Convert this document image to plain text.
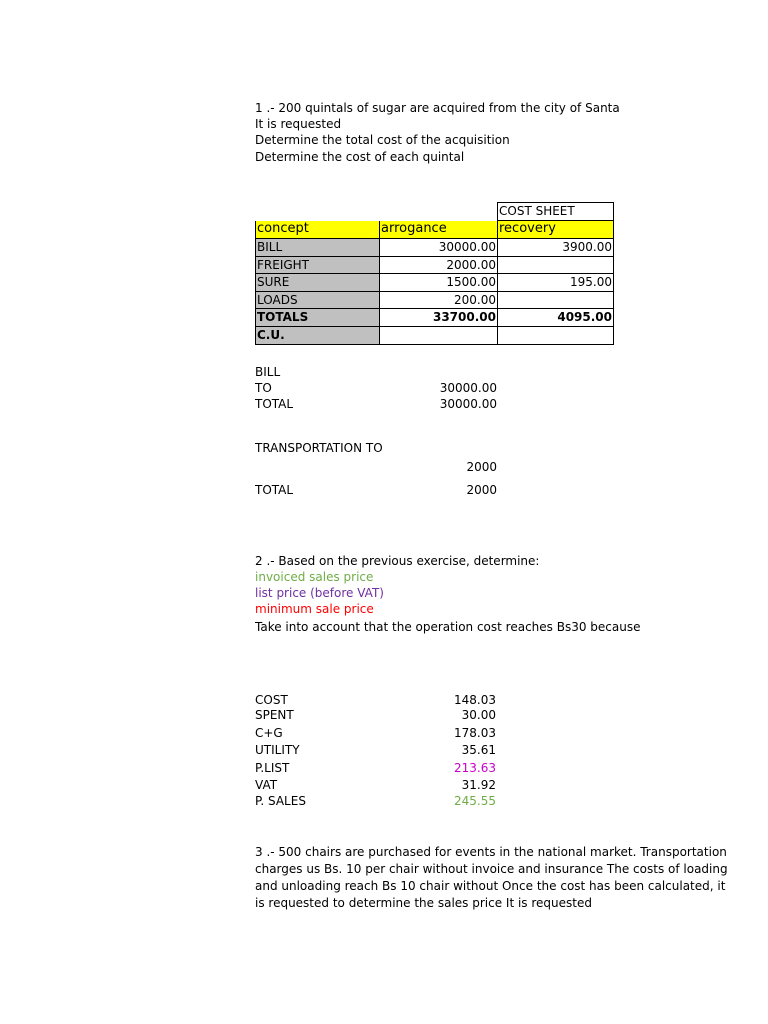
1 .- 200 quintals of sugar are acquired from the city of Santa
It is requested
Determine the total cost of the acquisition
Determine the cost of each quintal
COST SHEET
concept	arrogance	recovery
BILL	30000.00	3900.00
FREIGHT	2000.00
SURE	1500.00	195.00
LOADS	200.00
TOTALS	33700.00	4095.00
C.U.
BILL
TO	30000.00
TOTAL	30000.00
TRANSPORTATION TO
2000
TOTAL	2000
2 .- Based on the previous exercise, determine:
invoiced sales price
list price (before VAT)
minimum sale price
Take into account that the operation cost reaches Bs30 because
COST	148.03
SPENT	30.00
C+G	178.03
UTILITY	35.61
P.LIST	213.63
VAT	31.92
P. SALES	245.55
3 .- 500 chairs are purchased for events in the national market. Transportation charges us Bs. 10 per chair without invoice and insurance The costs of loading and unloading reach Bs 10 chair without Once the cost has been calculated, it is requested to determine the sales price It is requested
